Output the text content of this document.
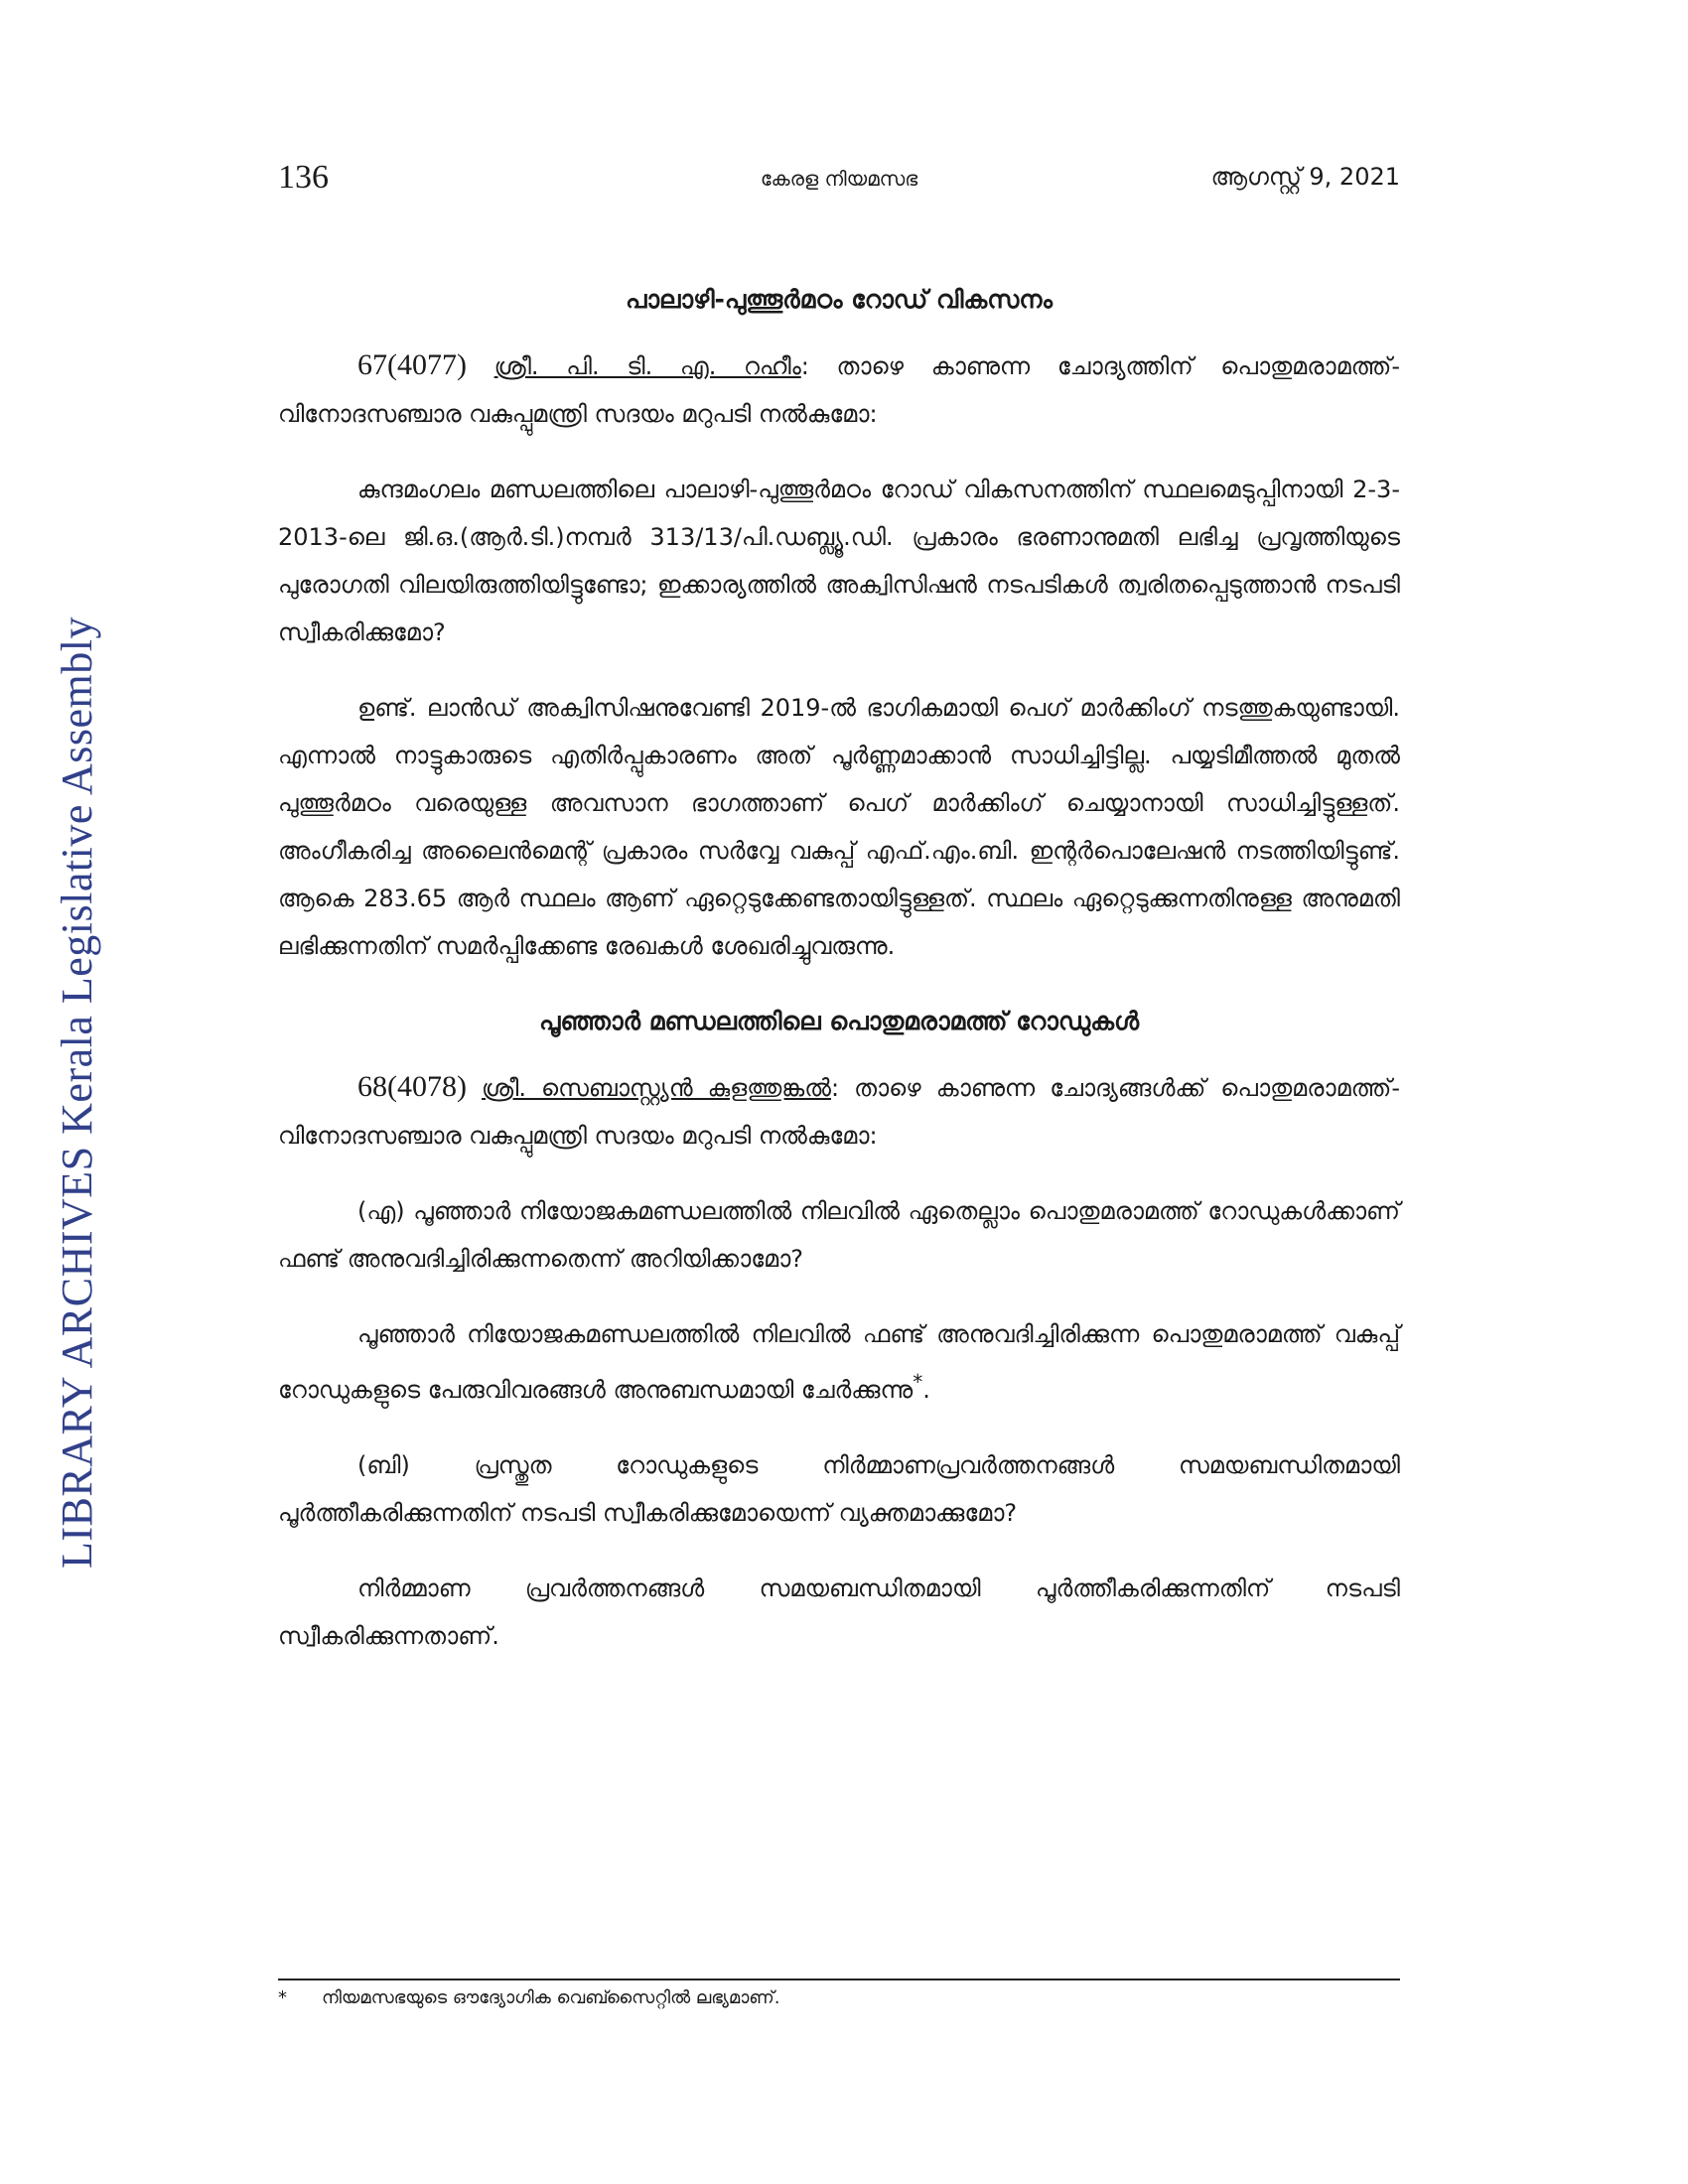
LIBRARY ARCHIVES Kerala Legislative Assembly
136	കേരള നിയമസഭ	ആഗസ്റ്റ് 9, 2021
പാലാഴി-പുത്തൂർമഠം റോഡ് വികസനം

67(4077) ശ്രീ. പി. ടി. എ. റഹീം: താഴെ കാണുന്ന ചോദ്യത്തിന് പൊതുമരാമത്ത്-വിനോദസഞ്ചാര വകുപ്പുമന്ത്രി സദയം മറുപടി നൽകുമോ:

കുന്ദമംഗലം മണ്ഡലത്തിലെ പാലാഴി-പുത്തൂർമഠം റോഡ് വികസനത്തിന് സ്ഥലമെടുപ്പിനായി 2-3-2013-ലെ ജി.ഒ.(ആർ.ടി.)നമ്പർ 313/13/പി.ഡബ്ല്യൂ.ഡി. പ്രകാരം ഭരണാനുമതി ലഭിച്ച പ്രവൃത്തിയുടെ പുരോഗതി വിലയിരുത്തിയിട്ടുണ്ടോ; ഇക്കാര്യത്തിൽ അക്വിസിഷൻ നടപടികൾ ത്വരിതപ്പെടുത്താൻ നടപടി സ്വീകരിക്കുമോ?

ഉണ്ട്. ലാൻഡ് അക്വിസിഷനുവേണ്ടി 2019-ൽ ഭാഗികമായി പെഗ് മാർക്കിംഗ് നടത്തുകയുണ്ടായി. എന്നാൽ നാട്ടുകാരുടെ എതിർപ്പുകാരണം അത് പൂർണ്ണമാക്കാൻ സാധിച്ചിട്ടില്ല. പയ്യടിമീത്തൽ മുതൽ പുത്തൂർമഠം വരെയുള്ള അവസാന ഭാഗത്താണ് പെഗ് മാർക്കിംഗ് ചെയ്യാനായി സാധിച്ചിട്ടുള്ളത്. അംഗീകരിച്ച അലൈൻമെന്റ് പ്രകാരം സർവ്വേ വകുപ്പ് എഫ്.എം.ബി. ഇന്റർപൊലേഷൻ നടത്തിയിട്ടുണ്ട്. ആകെ 283.65 ആർ സ്ഥലം ആണ് ഏറ്റെടുക്കേണ്ടതായിട്ടുള്ളത്. സ്ഥലം ഏറ്റെടുക്കുന്നതിനുള്ള അനുമതി ലഭിക്കുന്നതിന് സമർപ്പിക്കേണ്ട രേഖകൾ ശേഖരിച്ചുവരുന്നു.

പൂഞ്ഞാർ മണ്ഡലത്തിലെ പൊതുമരാമത്ത് റോഡുകൾ

68(4078) ശ്രീ. സെബാസ്റ്റ്യൻ കുളത്തുങ്കൽ: താഴെ കാണുന്ന ചോദ്യങ്ങൾക്ക് പൊതുമരാമത്ത്-വിനോദസഞ്ചാര വകുപ്പുമന്ത്രി സദയം മറുപടി നൽകുമോ:

(എ) പൂഞ്ഞാർ നിയോജകമണ്ഡലത്തിൽ നിലവിൽ ഏതെല്ലാം പൊതുമരാമത്ത് റോഡുകൾക്കാണ് ഫണ്ട് അനുവദിച്ചിരിക്കുന്നതെന്ന് അറിയിക്കാമോ?

പൂഞ്ഞാർ നിയോജകമണ്ഡലത്തിൽ നിലവിൽ ഫണ്ട് അനുവദിച്ചിരിക്കുന്ന പൊതുമരാമത്ത് വകുപ്പ് റോഡുകളുടെ പേരുവിവരങ്ങൾ അനുബന്ധമായി ചേർക്കുന്നു*.

(ബി) പ്രസ്തുത റോഡുകളുടെ നിർമ്മാണപ്രവർത്തനങ്ങൾ സമയബന്ധിതമായി പൂർത്തീകരിക്കുന്നതിന് നടപടി സ്വീകരിക്കുമോയെന്ന് വ്യക്തമാക്കുമോ?

നിർമ്മാണ പ്രവർത്തനങ്ങൾ സമയബന്ധിതമായി പൂർത്തീകരിക്കുന്നതിന് നടപടി സ്വീകരിക്കുന്നതാണ്.

* നിയമസഭയുടെ ഔദ്യോഗിക വെബ്സൈറ്റിൽ ലഭ്യമാണ്.
